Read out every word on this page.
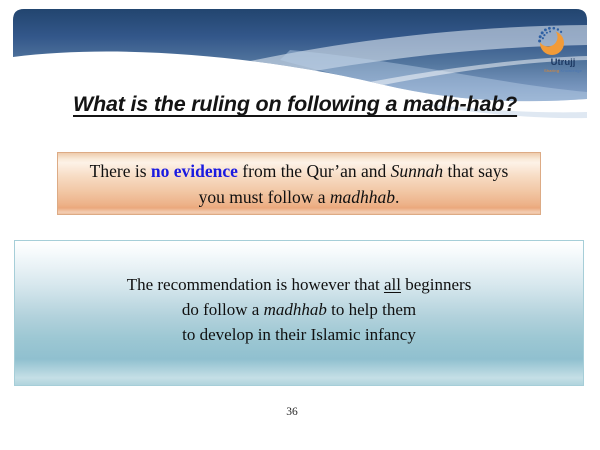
Utrujj
Sharing Knowledge
What is the ruling on following a madh-hab?
There is no evidence from the Qur’an and Sunnah that says
you must follow a madhhab.
The recommendation is however that all beginners
do follow a madhhab to help them
to develop in their Islamic infancy
36
